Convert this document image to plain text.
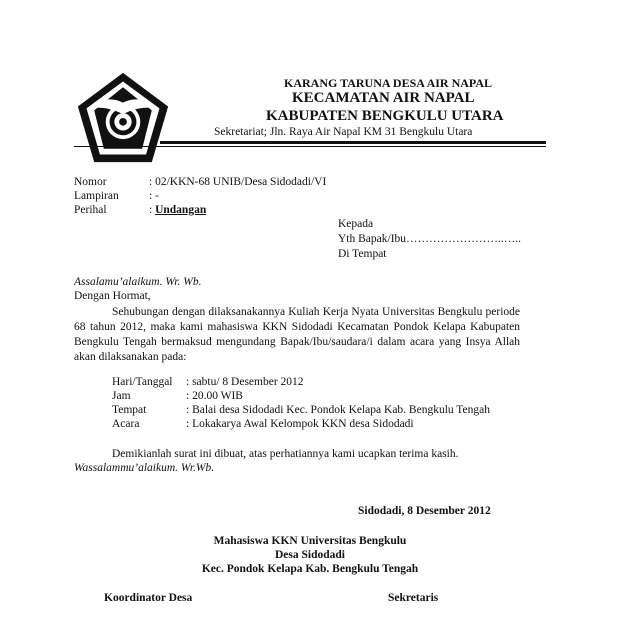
KARANG TARUNA DESA AIR NAPAL
KECAMATAN AIR NAPAL
KABUPATEN BENGKULU UTARA
Sekretariat; Jln. Raya Air Napal KM 31 Bengkulu Utara
Nomor	: 02/KKN-68 UNIB/Desa Sidodadi/VI
Lampiran	: -
Perihal	: Undangan
Kepada
Yth Bapak/Ibu……………………..…..
Di Tempat
Assalamu’alaikum. Wr. Wb.
Dengan Hormat,
Sehubungan dengan dilaksanakannya Kuliah Kerja Nyata Universitas Bengkulu periode 68 tahun 2012, maka kami mahasiswa KKN Sidodadi Kecamatan Pondok Kelapa Kabupaten Bengkulu Tengah bermaksud mengundang Bapak/Ibu/saudara/i dalam acara yang Insya Allah akan dilaksanakan pada:
Hari/Tanggal : sabtu/ 8 Desember 2012
Jam	: 20.00 WIB
Tempat	: Balai desa Sidodadi Kec. Pondok Kelapa Kab. Bengkulu Tengah
Acara	: Lokakarya Awal Kelompok KKN desa Sidodadi
Demikianlah surat ini dibuat, atas perhatiannya kami ucapkan terima kasih.
Wassalammu’alaikum. Wr.Wb.
Sidodadi, 8 Desember 2012
Mahasiswa KKN Universitas Bengkulu
Desa Sidodadi
Kec. Pondok Kelapa Kab. Bengkulu Tengah
Koordinator Desa	Sekretaris
